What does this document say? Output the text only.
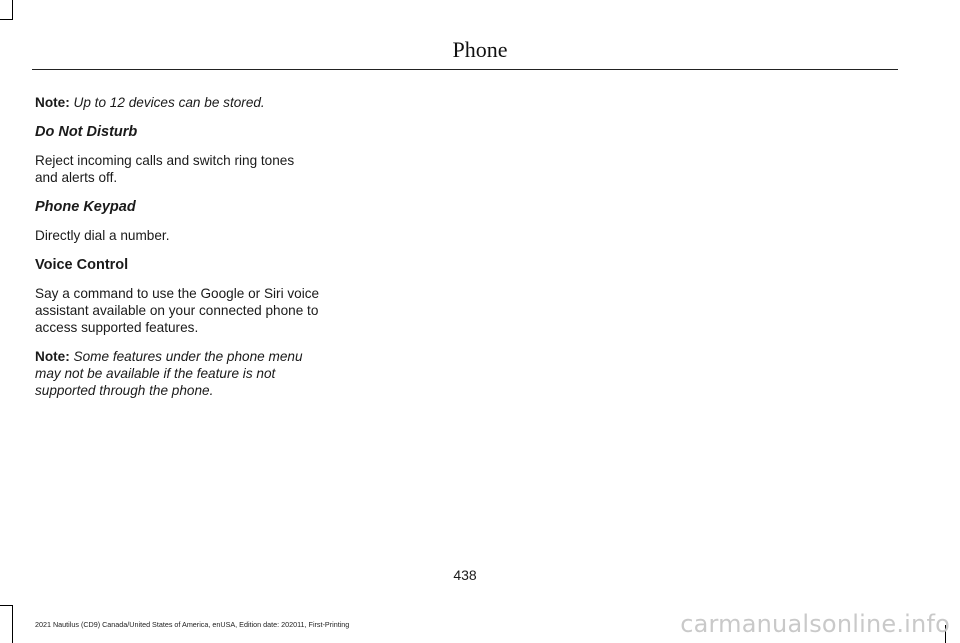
Phone

Note: Up to 12 devices can be stored.

Do Not Disturb

Reject incoming calls and switch ring tones and alerts off.

Phone Keypad

Directly dial a number.

Voice Control

Say a command to use the Google or Siri voice assistant available on your connected phone to access supported features.

Note: Some features under the phone menu may not be available if the feature is not supported through the phone.

438
2021 Nautilus (CD9) Canada/United States of America, enUSA, Edition date: 202011, First-Printing	carmanualsonline.info
